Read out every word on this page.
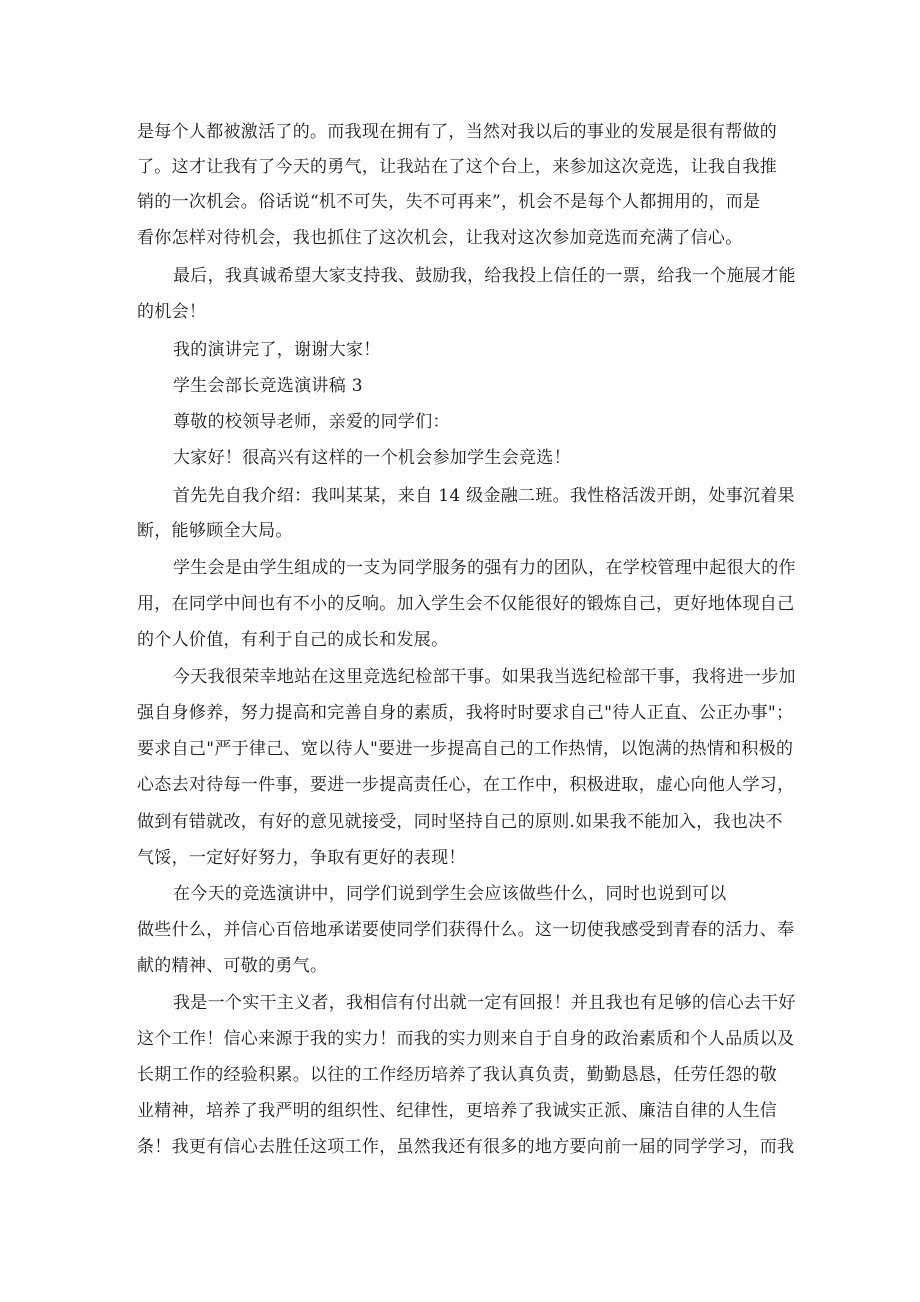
是每个人都被激活了的。而我现在拥有了，当然对我以后的事业的发展是很有帮做的
了。这才让我有了今天的勇气，让我站在了这个台上，来参加这次竞选，让我自我推
销的一次机会。俗话说“机不可失，失不可再来”，机会不是每个人都拥用的，而是
看你怎样对待机会，我也抓住了这次机会，让我对这次参加竞选而充满了信心。
最后，我真诚希望大家支持我、鼓励我，给我投上信任的一票，给我一个施展才能
的机会！
我的演讲完了，谢谢大家！
学生会部长竞选演讲稿 3
尊敬的校领导老师，亲爱的同学们：
大家好！很高兴有这样的一个机会参加学生会竞选！
首先先自我介绍：我叫某某，来自 14 级金融二班。我性格活泼开朗，处事沉着果
断，能够顾全大局。
学生会是由学生组成的一支为同学服务的强有力的团队，在学校管理中起很大的作
用，在同学中间也有不小的反响。加入学生会不仅能很好的锻炼自己，更好地体现自己
的个人价值，有利于自己的成长和发展。
今天我很荣幸地站在这里竞选纪检部干事。如果我当选纪检部干事，我将进一步加
强自身修养，努力提高和完善自身的素质，我将时时要求自己"待人正直、公正办事"；
要求自己"严于律己、宽以待人"要进一步提高自己的工作热情，以饱满的热情和积极的
心态去对待每一件事，要进一步提高责任心，在工作中，积极进取，虚心向他人学习，
做到有错就改，有好的意见就接受，同时坚持自己的原则.如果我不能加入，我也决不
气馁，一定好好努力，争取有更好的表现！
在今天的竞选演讲中，同学们说到学生会应该做些什么，同时也说到可以
做些什么，并信心百倍地承诺要使同学们获得什么。这一切使我感受到青春的活力、奉
献的精神、可敬的勇气。
我是一个实干主义者，我相信有付出就一定有回报！并且我也有足够的信心去干好
这个工作！信心来源于我的实力！而我的实力则来自于自身的政治素质和个人品质以及
长期工作的经验积累。以往的工作经历培养了我认真负责，勤勤恳恳，任劳任怨的敬
业精神，培养了我严明的组织性、纪律性，更培养了我诚实正派、廉洁自律的人生信
条！我更有信心去胜任这项工作，虽然我还有很多的地方要向前一届的同学学习，而我
